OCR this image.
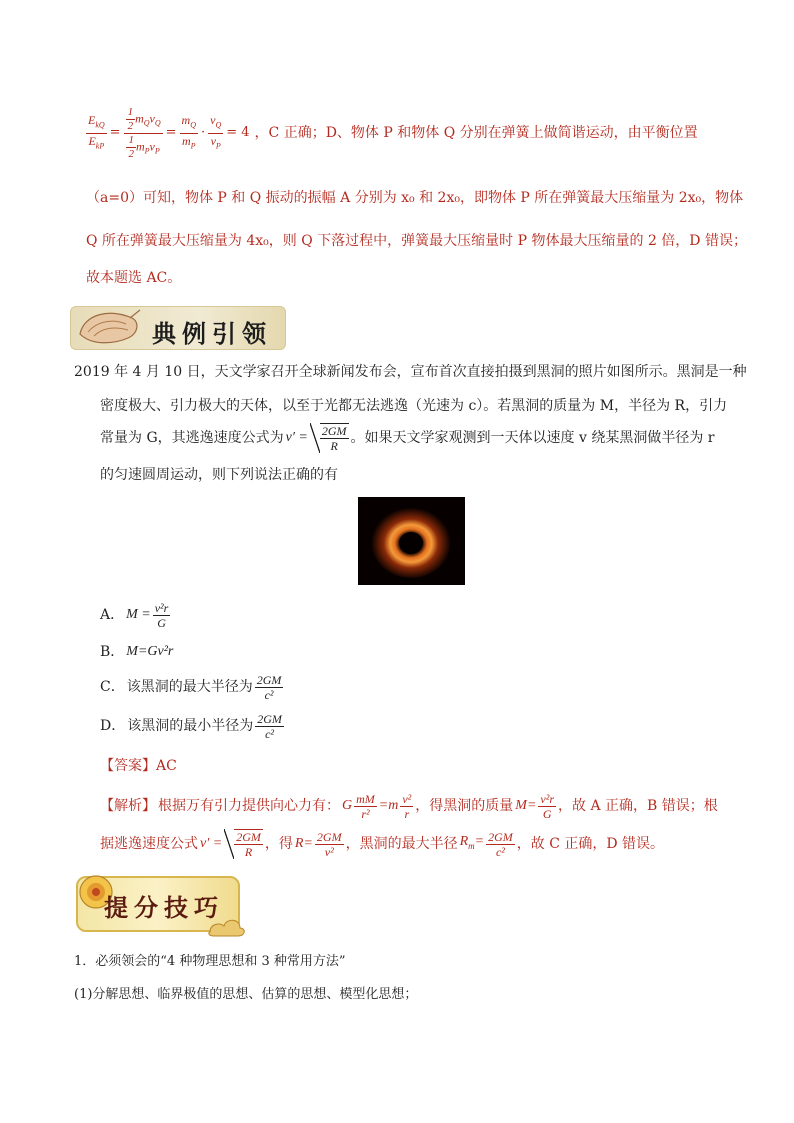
$\frac{E_{kQ}}{E_{kP}} = \frac{\frac{1}{2} m_Qv_Q}{\frac{1}{2} m_Pv_P} = \frac{m_Q}{m_P} \cdot \frac{v_Q}{v_P} = 4$ ，C 正确；D、物体 P 和物体 Q 分别在弹簧上做简谐运动，由平衡位置
（a=0）可知，物体 P 和 Q 振动的振幅 A 分别为 x₀ 和 2x₀，即物体 P 所在弹簧最大压缩量为 2x₀，物体
Q 所在弹簧最大压缩量为 4x₀，则 Q 下落过程中，弹簧最大压缩量时 P 物体最大压缩量的 2 倍，D 错误；
故本题选 AC。
典例引领
2019 年 4 月 10 日，天文学家召开全球新闻发布会，宣布首次直接拍摄到黑洞的照片如图所示。黑洞是一种
密度极大、引力极大的天体，以至于光都无法逃逸（光速为 c）。若黑洞的质量为 M，半径为 R，引力
常量为 G，其逃逸速度公式为 $v' = \frac{2GM}{R}$ 。如果天文学家观测到一天体以速度 v 绕某黑洞做半径为 r
的匀速圆周运动，则下列说法正确的有
A． $M = \frac{\text{v²r}}{G}$
B． M=Gv²r
C． 该黑洞的最大半径为 $\frac{2GM}{\text{c²}}$
D． 该黑洞的最小半径为 $\frac{2GM}{\text{c²}}$
【答案】AC
【解析】 根据万有引力提供向心力有： G $\frac{mM}{\text{r²}} =m \frac{\text{v²}}{r}$ ，得黑洞的质量 $M= \frac{\text{v²r}}{G}$ ，故 A 正确，B 错误；根
据逃逸速度公式 $v' = \frac{2GM}{R}$ ，得 $R= \frac{2GM}{\text{v²}}$ ，黑洞的最大半径 $R_m= \frac{2GM}{\text{c²}}$ ，故 C 正确，D 错误。
提分技巧
1．必须领会的“4 种物理思想和 3 种常用方法”
(1)分解思想、临界极值的思想、估算的思想、模型化思想；
